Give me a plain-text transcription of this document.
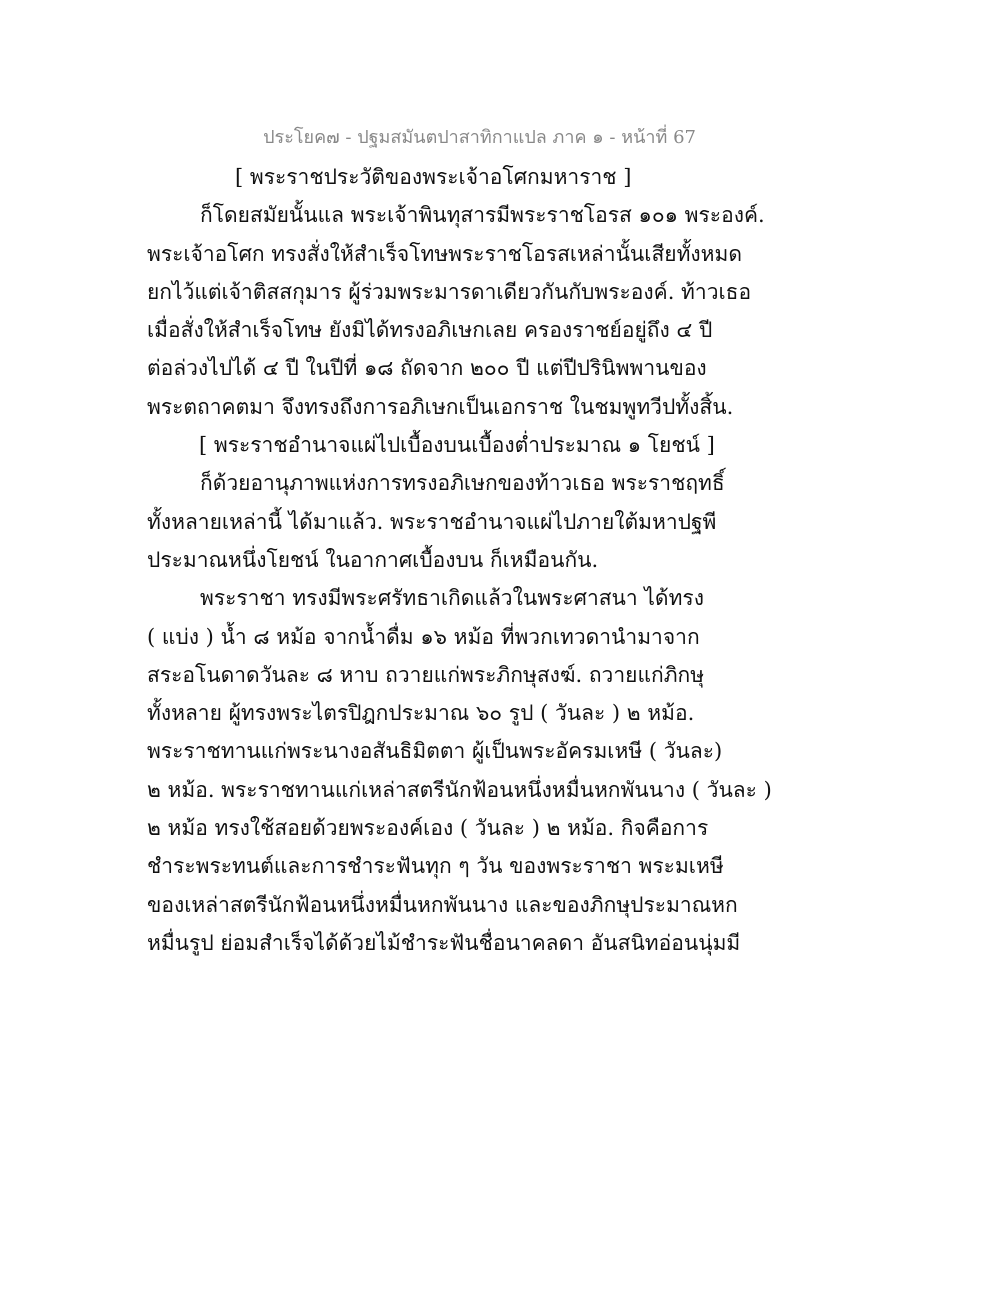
ประโยค๗ - ปฐมสมันตปาสาทิกาแปล ภาค ๑ - หน้าที่ 67
[ พระราชประวัติของพระเจ้าอโศกมหาราช ]
ก็โดยสมัยนั้นแล พระเจ้าพินทุสารมีพระราชโอรส ๑๐๑ พระองค์.
พระเจ้าอโศก ทรงสั่งให้สำเร็จโทษพระราชโอรสเหล่านั้นเสียทั้งหมด
ยกไว้แต่เจ้าติสสกุมาร ผู้ร่วมพระมารดาเดียวกันกับพระองค์. ท้าวเธอ
เมื่อสั่งให้สำเร็จโทษ ยังมิได้ทรงอภิเษกเลย ครองราชย์อยู่ถึง ๔ ปี
ต่อล่วงไปได้ ๔ ปี ในปีที่ ๑๘ ถัดจาก ๒๐๐ ปี แต่ปีปรินิพพานของ
พระตถาคตมา จึงทรงถึงการอภิเษกเป็นเอกราช ในชมพูทวีปทั้งสิ้น.
[ พระราชอำนาจแผ่ไปเบื้องบนเบื้องต่ำประมาณ ๑ โยชน์ ]
ก็ด้วยอานุภาพแห่งการทรงอภิเษกของท้าวเธอ พระราชฤทธิ์
ทั้งหลายเหล่านี้ ได้มาแล้ว. พระราชอำนาจแผ่ไปภายใต้มหาปฐพี
ประมาณหนึ่งโยชน์ ในอากาศเบื้องบน ก็เหมือนกัน.
พระราชา ทรงมีพระศรัทธาเกิดแล้วในพระศาสนา ได้ทรง
( แบ่ง ) น้ำ ๘ หม้อ จากน้ำดื่ม ๑๖ หม้อ ที่พวกเทวดานำมาจาก
สระอโนดาดวันละ ๘ หาบ ถวายแก่พระภิกษุสงฆ์. ถวายแก่ภิกษุ
ทั้งหลาย ผู้ทรงพระไตรปิฎกประมาณ ๖๐ รูป ( วันละ ) ๒ หม้อ.
พระราชทานแก่พระนางอสันธิมิตตา ผู้เป็นพระอัครมเหษี ( วันละ)
๒ หม้อ. พระราชทานแก่เหล่าสตรีนักฟ้อนหนึ่งหมื่นหกพันนาง ( วันละ )
๒ หม้อ ทรงใช้สอยด้วยพระองค์เอง ( วันละ ) ๒ หม้อ. กิจคือการ
ชำระพระทนต์และการชำระฟันทุก ๆ วัน ของพระราชา พระมเหษี
ของเหล่าสตรีนักฟ้อนหนึ่งหมื่นหกพันนาง และของภิกษุประมาณหก
หมื่นรูป ย่อมสำเร็จได้ด้วยไม้ชำระฟันชื่อนาคลดา อันสนิทอ่อนนุ่มมี
